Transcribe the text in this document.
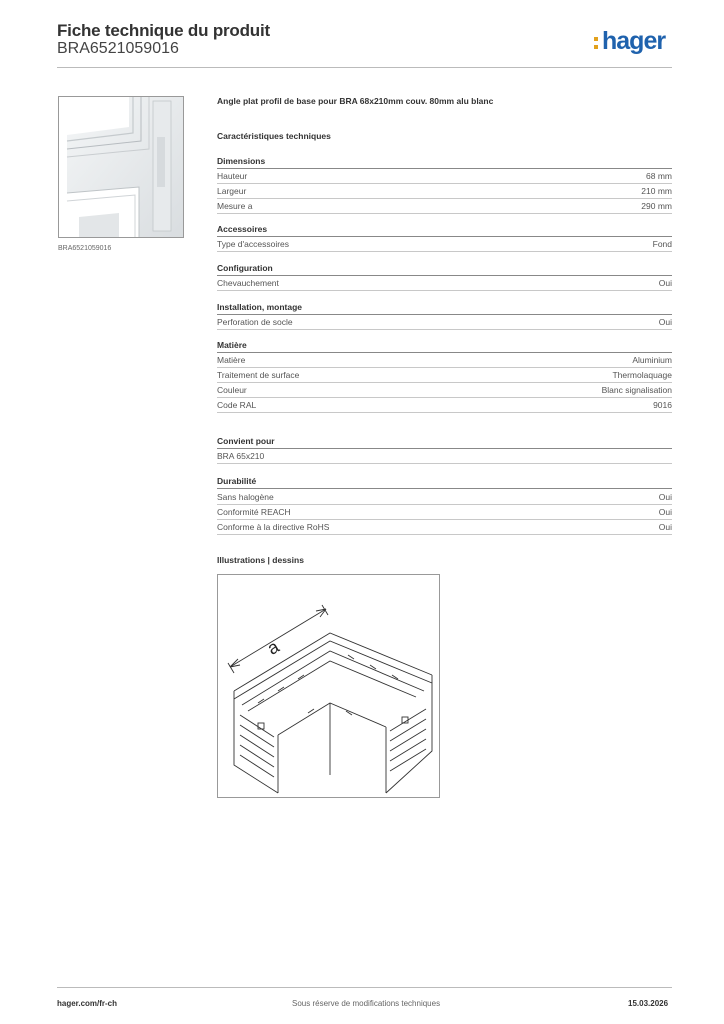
Fiche technique du produit
BRA6521059016	hager
BRA6521059016
Angle plat profil de base pour BRA 68x210mm couv. 80mm alu blanc
Caractéristiques techniques
Dimensions
Hauteur	68 mm
Largeur	210 mm
Mesure a	290 mm
Accessoires
Type d'accessoires	Fond
Configuration
Chevauchement	Oui
Installation, montage
Perforation de socle	Oui
Matière
Matière	Aluminium
Traitement de surface	Thermolaquage
Couleur	Blanc signalisation
Code RAL	9016
Convient pour
BRA 65x210
Durabilité
Sans halogène	Oui
Conformité REACH	Oui
Conforme à la directive RoHS	Oui
Illustrations | dessins
a
hager.com/fr-ch	Sous réserve de modifications techniques	15.03.2026
